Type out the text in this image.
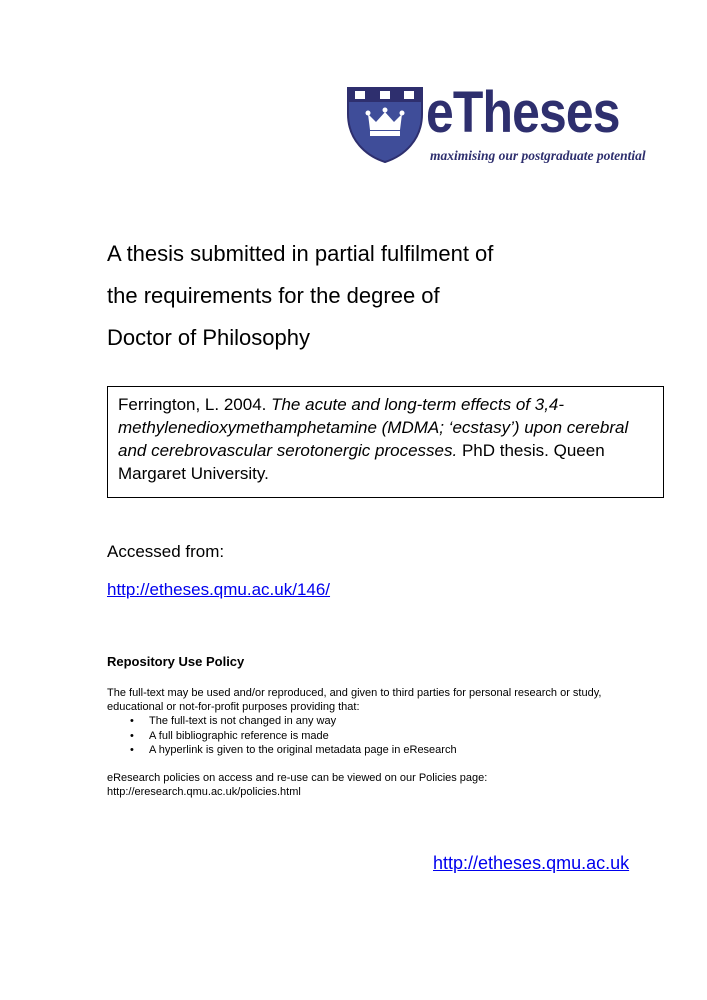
eTheses
maximising our postgraduate potential
A thesis submitted in partial fulfilment of
the requirements for the degree of
Doctor of Philosophy
Ferrington, L. 2004. The acute and long-term effects of 3,4-methylenedioxymethamphetamine (MDMA; ‘ecstasy’) upon cerebral and cerebrovascular serotonergic processes. PhD thesis. Queen Margaret University.
Accessed from:
http://etheses.qmu.ac.uk/146/
Repository Use Policy
The full-text may be used and/or reproduced, and given to third parties for personal research or study, educational or not-for-profit purposes providing that:
• The full-text is not changed in any way
• A full bibliographic reference is made
• A hyperlink is given to the original metadata page in eResearch
eResearch policies on access and re-use can be viewed on our Policies page: http://eresearch.qmu.ac.uk/policies.html
http://etheses.qmu.ac.uk
